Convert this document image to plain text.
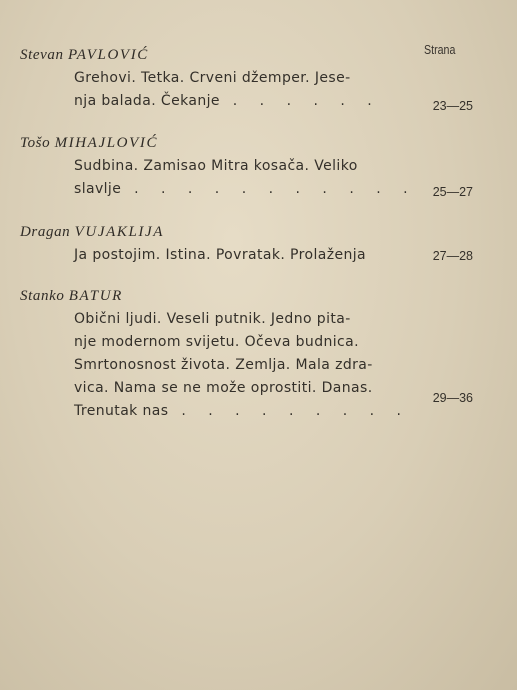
Strana
Stevan PAVLOVIĆ
Grehovi. Tetka. Crveni džemper. Jese-
nja balada. Čekanje . . . . . .	23—25
Tošo MIHAJLOVIĆ
Sudbina. Zamisao Mitra kosača. Veliko
slavlje . . . . . . . . . . . 25—27
Dragan VUJAKLIJA
Ja postojim. Istina. Povratak. Prolaženja	27—28
Stanko BATUR
Obični ljudi. Veseli putnik. Jedno pita-
nje modernom svijetu. Očeva budnica.
Smrtonosnost života. Zemlja. Mala zdra-
vica. Nama se ne može oprostiti. Danas.
Trenutak nas . . . . . . . . .
29—36
